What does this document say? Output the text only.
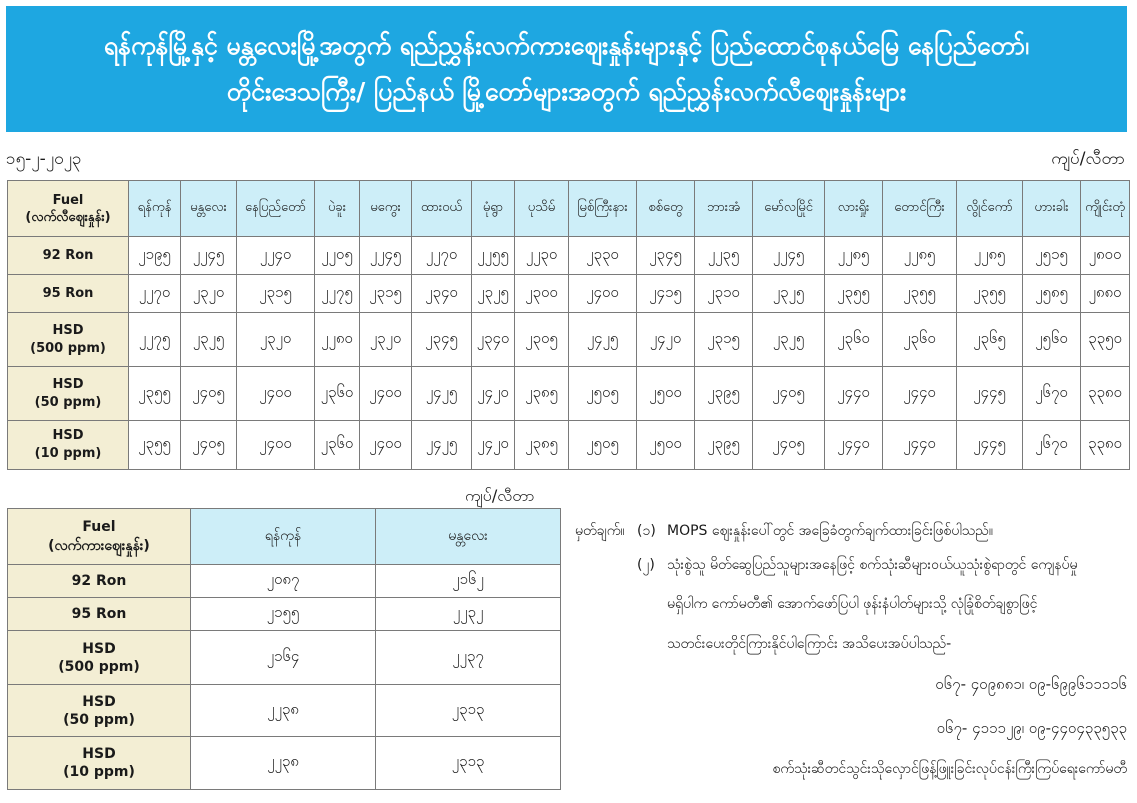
ရန်ကုန်မြို့နှင့် မန္တလေးမြို့အတွက် ရည်ညွှန်းလက်ကားဈေးနှုန်းများနှင့် ပြည်ထောင်စုနယ်မြေ နေပြည်တော်၊
တိုင်းဒေသကြီး/ ပြည်နယ် မြို့တော်များအတွက် ရည်ညွှန်းလက်လီဈေးနှုန်းများ
၁၅-၂-၂၀၂၃	ကျပ်/လီတာ
Fuel
(လက်လီဈေးနှုန်း)	ရန်ကုန်	မန္တလေး	နေပြည်တော်	ပဲခူး	မကွေး	ထားဝယ်	မုံရွာ	ပုသိမ်	မြစ်ကြီးနား	စစ်တွေ	ဘားအံ	မော်လမြိုင်	လားရှိုး	တောင်ကြီး	လွိုင်ကော်	ဟားခါး	ကျိုင်းတုံ

92 Ron	၂၁၉၅	၂၂၄၅	၂၂၄၀	၂၂၀၅	၂၂၄၅	၂၂၇၀	၂၂၅၅	၂၂၃၀	၂၃၃၀	၂၃၄၅	၂၂၃၅	၂၂၄၅	၂၂၈၅	၂၂၈၅	၂၂၈၅	၂၅၁၅	၂၈၀၀

95 Ron	၂၂၇၀	၂၃၂၀	၂၃၁၅	၂၂၇၅	၂၃၁၅	၂၃၄၀	၂၃၂၅	၂၃၀၀	၂၄၀၀	၂၄၁၅	၂၃၁၀	၂၃၂၅	၂၃၅၅	၂၃၅၅	၂၃၅၅	၂၅၈၅	၂၈၈၀

HSD
(500 ppm)	၂၂၇၅	၂၃၂၅	၂၃၂၀	၂၂၈၀	၂၃၂၀	၂၃၄၅	၂၃၄၀	၂၃၀၅	၂၄၂၅	၂၄၂၀	၂၃၁၅	၂၃၂၅	၂၃၆၀	၂၃၆၀	၂၃၆၅	၂၅၆၀	၃၃၅၀

HSD
(50 ppm)	၂၃၅၅	၂၄၀၅	၂၄၀၀	၂၃၆၀	၂၄၀၀	၂၄၂၅	၂၄၂၀	၂၃၈၅	၂၅၀၅	၂၅၀၀	၂၃၉၅	၂၄၀၅	၂၄၄၀	၂၄၄၀	၂၄၄၅	၂၆၇၀	၃၃၈၀

HSD
(10 ppm)	၂၃၅၅	၂၄၀၅	၂၄၀၀	၂၃၆၀	၂၄၀၀	၂၄၂၅	၂၄၂၀	၂၃၈၅	၂၅၀၅	၂၅၀၀	၂၃၉၅	၂၄၀၅	၂၄၄၀	၂၄၄၀	၂၄၄၅	၂၆၇၀	၃၃၈၀
ကျပ်/လီတာ
Fuel
(လက်ကားဈေးနှုန်း)	ရန်ကုန်	မန္တလေး

92 Ron	၂၀၈၇	၂၁၆၂

95 Ron	၂၁၅၅	၂၂၃၂

HSD
(500 ppm)	၂၁၆၄	၂၂၃၇

HSD
(50 ppm)	၂၂၃၈	၂၃၁၃

HSD
(10 ppm)	၂၂၃၈	၂၃၁၃
မှတ်ချက်။ (၁) MOPS ဈေးနှုန်းပေါ်တွင် အခြေခံတွက်ချက်ထားခြင်းဖြစ်ပါသည်။
(၂) သုံးစွဲသူ မိတ်ဆွေပြည်သူများအနေဖြင့် စက်သုံးဆီများဝယ်ယူသုံးစွဲရာတွင် ကျေနပ်မှု
မရှိပါက ကော်မတီ၏ အောက်ဖော်ပြပါ ဖုန်းနံပါတ်များသို့ လုံခြုံစိတ်ချစွာဖြင့်
သတင်းပေးတိုင်ကြားနိုင်ပါကြောင်း အသိပေးအပ်ပါသည်-
၀၆၇- ၄၀၉၈၈၁၊ ၀၉-၆၉၉၆၁၁၁၁၆
၀၆၇- ၄၁၁၁၂၉၊ ၀၉-၄၄၀၄၃၃၅၃၃
စက်သုံးဆီတင်သွင်းသိုလှောင်ဖြန့်ဖြူးခြင်းလုပ်ငန်းကြီးကြပ်ရေးကော်မတီ
